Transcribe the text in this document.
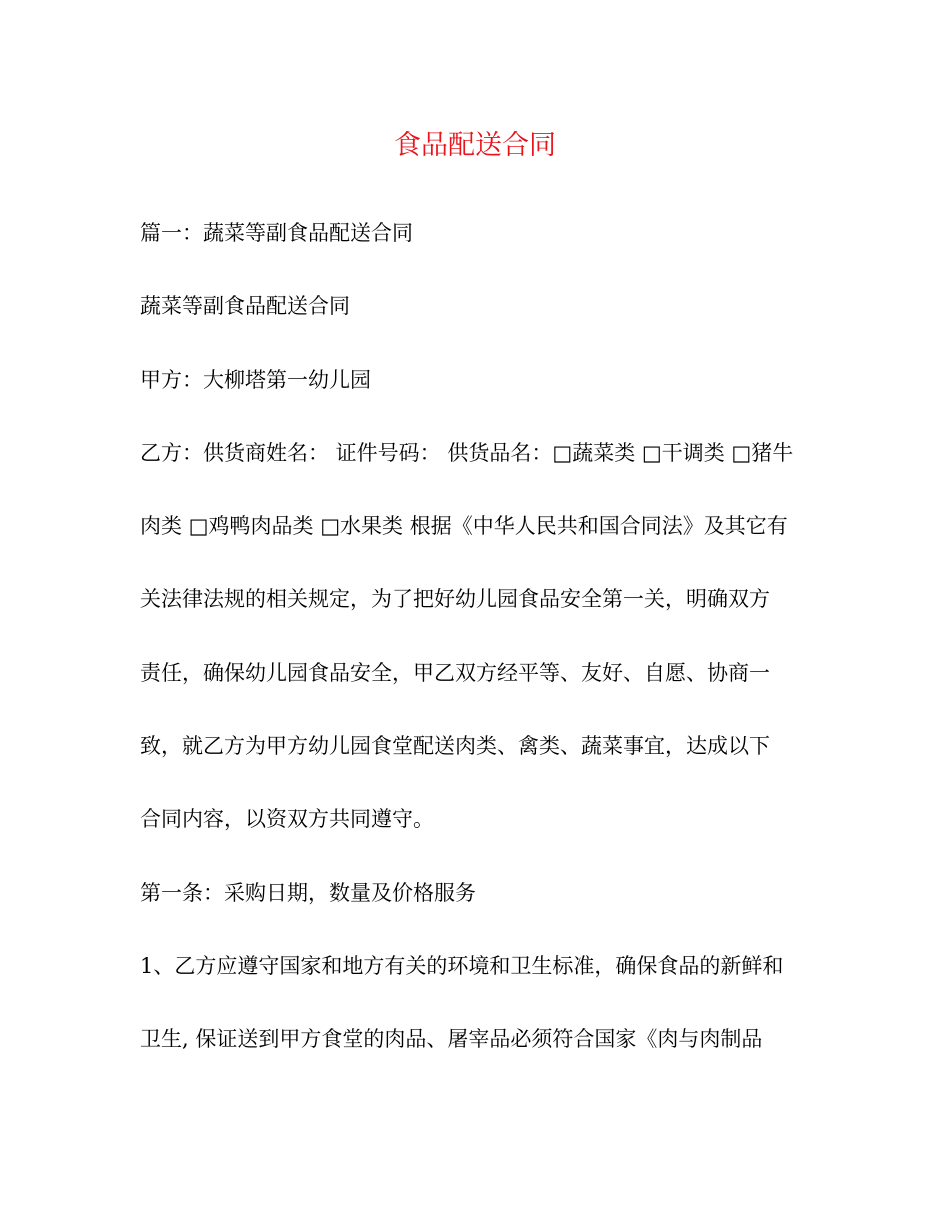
食品配送合同
篇一：蔬菜等副食品配送合同
蔬菜等副食品配送合同
甲方：大柳塔第一幼儿园
乙方：供货商姓名： 证件号码： 供货品名：□蔬菜类 □干调类 □猪牛
肉类 □鸡鸭肉品类 □水果类 根据《中华人民共和国合同法》及其它有
关法律法规的相关规定，为了把好幼儿园食品安全第一关，明确双方
责任，确保幼儿园食品安全，甲乙双方经平等、友好、自愿、协商一
致，就乙方为甲方幼儿园食堂配送肉类、禽类、蔬菜事宜，达成以下
合同内容，以资双方共同遵守。
第一条：采购日期，数量及价格服务
1、乙方应遵守国家和地方有关的环境和卫生标准，确保食品的新鲜和
卫生, 保证送到甲方食堂的肉品、屠宰品必须符合国家《肉与肉制品
